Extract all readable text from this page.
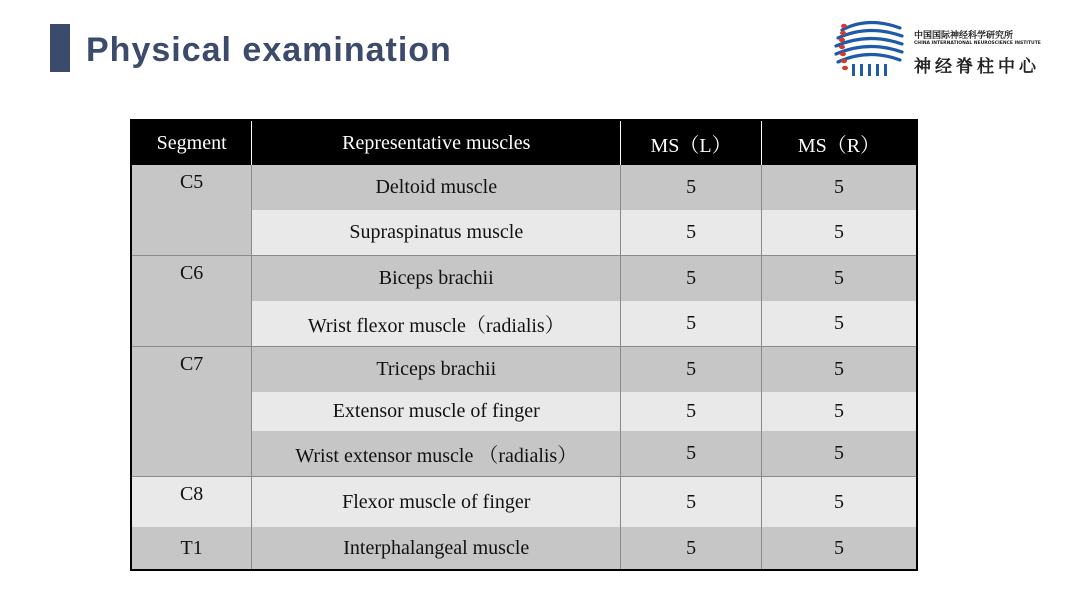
Physical examination	中国国际神经科学研究所
CHINA INTERNATIONAL NEUROSCIENCE INSTITUTE
神经脊柱中心
Segment	Representative muscles	MS（L）	MS（R）
C5	Deltoid muscle	5	5
	Supraspinatus muscle	5	5
C6	Biceps brachii	5	5
	Wrist flexor muscle（radialis）	5	5
C7	Triceps brachii	5	5
	Extensor muscle of finger	5	5
	Wrist extensor muscle （radialis）	5	5
C8	Flexor muscle of finger	5	5
T1	Interphalangeal muscle	5	5
